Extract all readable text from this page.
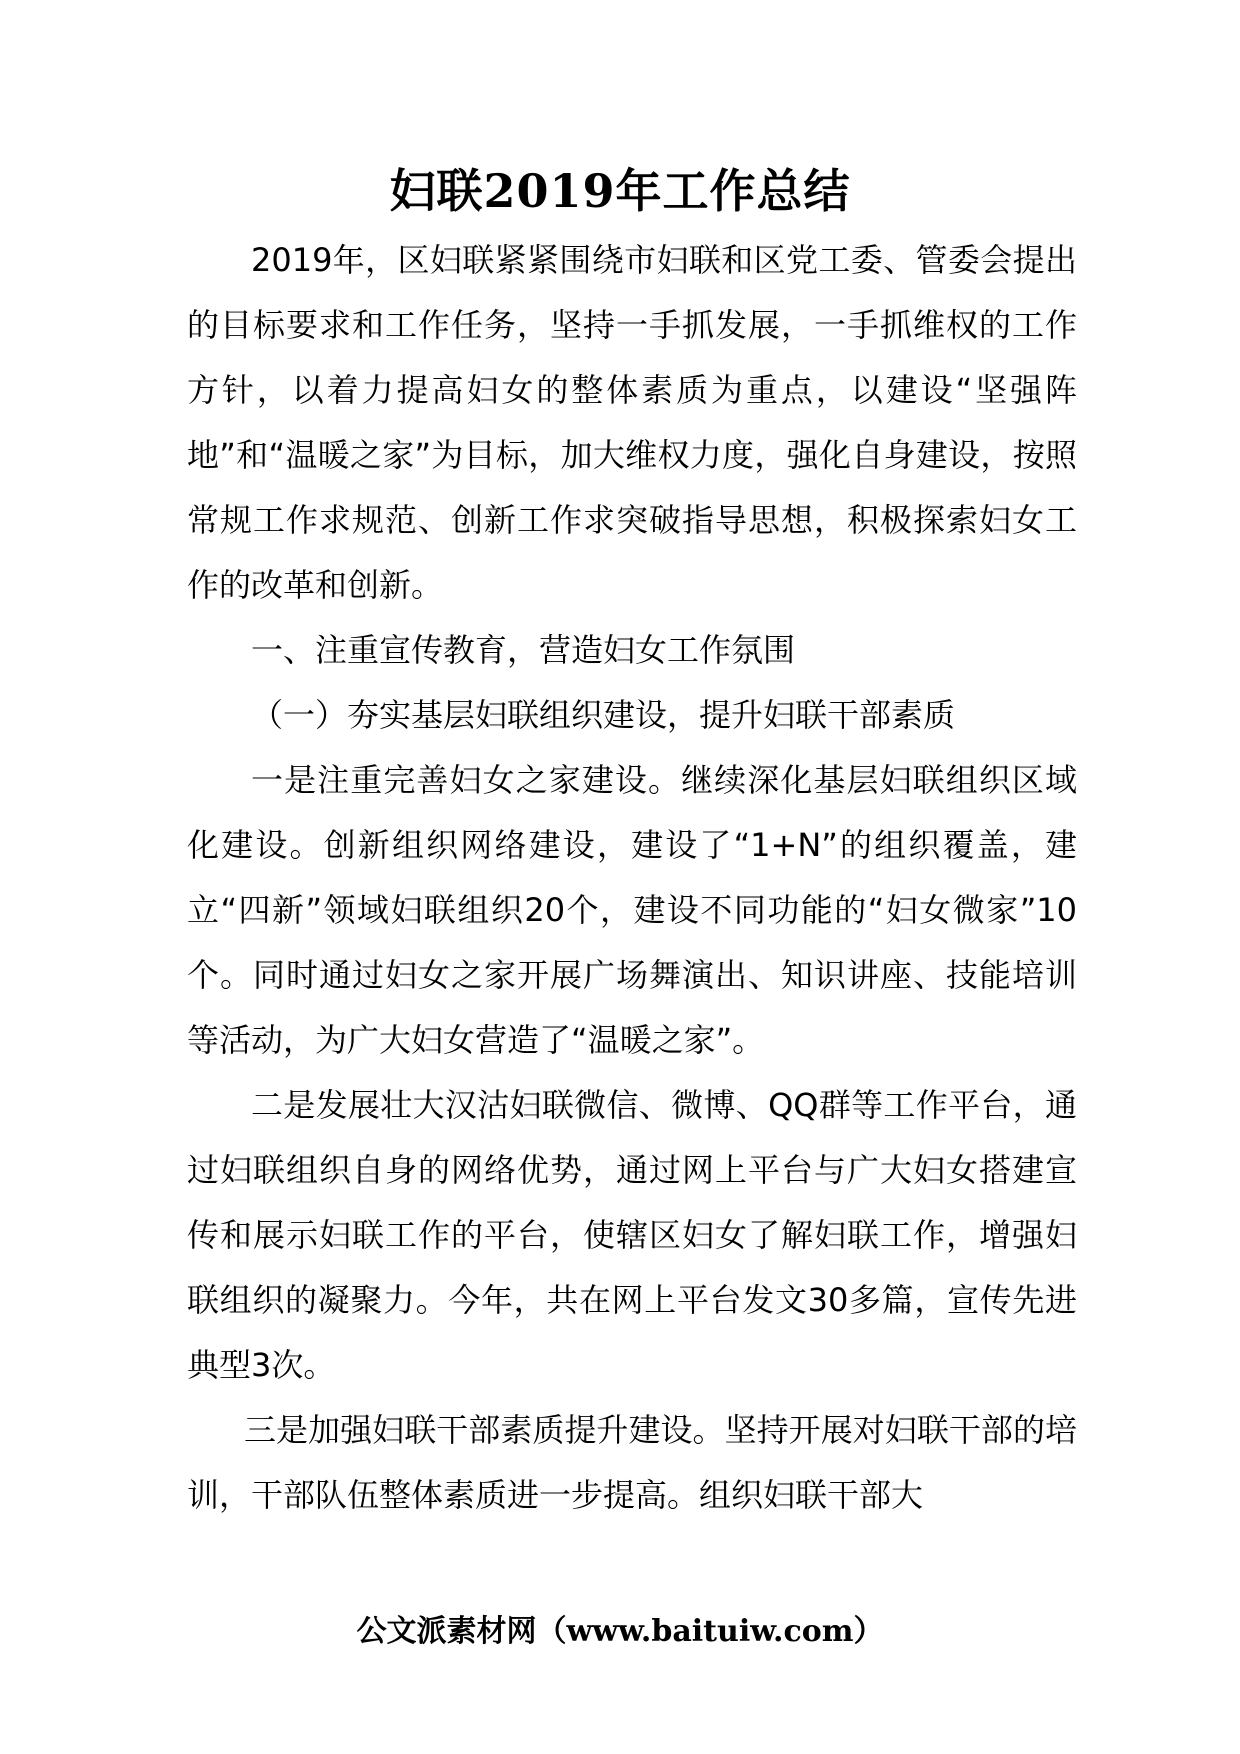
妇联2019年工作总结

2019年，区妇联紧紧围绕市妇联和区党工委、管委会提出的目标要求和工作任务，坚持一手抓发展，一手抓维权的工作方针，以着力提高妇女的整体素质为重点，以建设“坚强阵地”和“温暖之家”为目标，加大维权力度，强化自身建设，按照常规工作求规范、创新工作求突破指导思想，积极探索妇女工作的改革和创新。

一、注重宣传教育，营造妇女工作氛围

（一）夯实基层妇联组织建设，提升妇联干部素质

一是注重完善妇女之家建设。继续深化基层妇联组织区域化建设。创新组织网络建设，建设了“1+N”的组织覆盖，建立“四新”领域妇联组织20个，建设不同功能的“妇女微家”10个。同时通过妇女之家开展广场舞演出、知识讲座、技能培训等活动，为广大妇女营造了“温暖之家”。

二是发展壮大汉沽妇联微信、微博、QQ群等工作平台，通过妇联组织自身的网络优势，通过网上平台与广大妇女搭建宣传和展示妇联工作的平台，使辖区妇女了解妇联工作，增强妇联组织的凝聚力。今年，共在网上平台发文30多篇，宣传先进典型3次。

三是加强妇联干部素质提升建设。坚持开展对妇联干部的培训，干部队伍整体素质进一步提高。组织妇联干部大

公文派素材网（www.baituiw.com）
